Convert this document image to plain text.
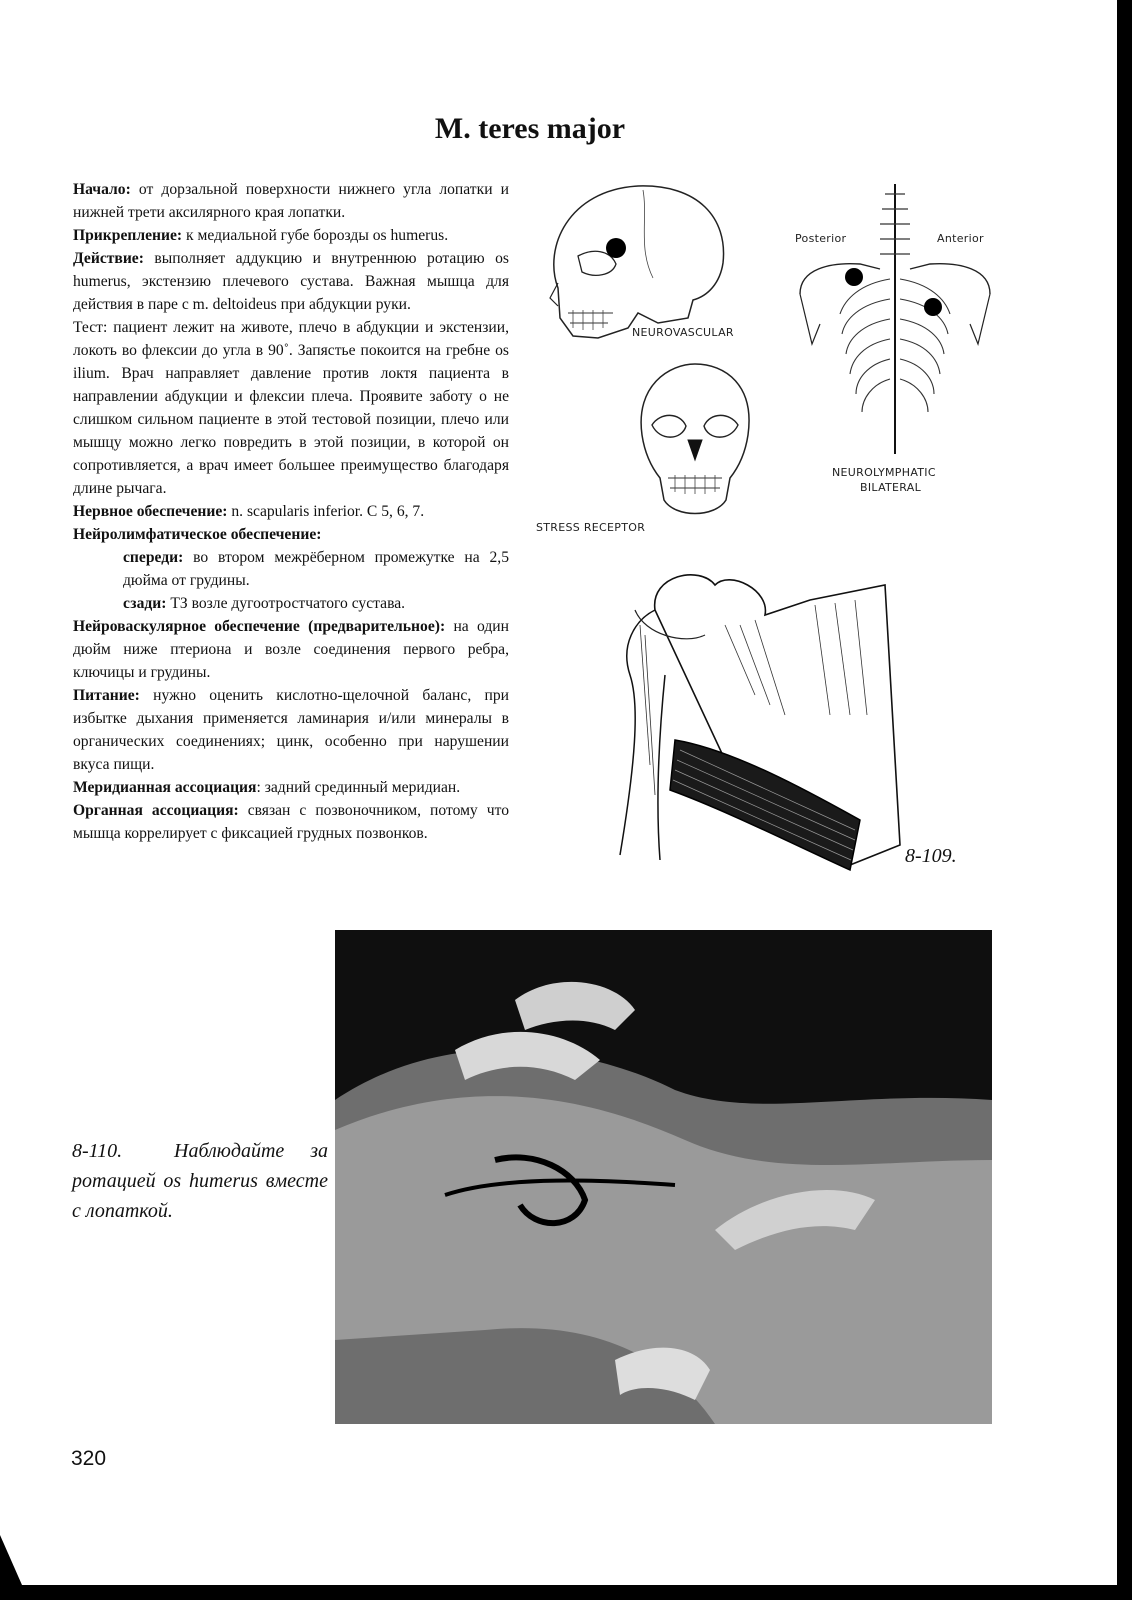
M. teres major

Начало: от дорзальной поверхности нижнего угла лопатки и нижней трети аксилярного края лопатки.

Прикрепление: к медиальной губе борозды os humerus.

Действие: выполняет аддукцию и внутреннюю ротацию os humerus, экстензию плечевого сустава. Важная мышца для действия в паре с m. deltoideus при абдукции руки.

Тест: пациент лежит на животе, плечо в абдукции и экстензии, локоть во флексии до угла в 90˚. Запястье покоится на гребне os ilium. Врач направляет давление против локтя пациента в направлении абдукции и флексии плеча. Проявите заботу о не слишком сильном пациенте в этой тестовой позиции, плечо или мышцу можно легко повредить в этой позиции, в которой он сопротивляется, а врач имеет большее преимущество благодаря длине рычага.

Нервное обеспечение: n. scapularis inferior. C 5, 6, 7.

Нейролимфатическое обеспечение:

спереди: во втором межрёберном промежутке на 2,5 дюйма от грудины.

сзади: ТЗ возле дугоотростчатого сустава.

Нейроваскулярное обеспечение (предварительное): на один дюйм ниже птериона и возле соединения первого ребра, ключицы и грудины.

Питание: нужно оценить кислотно-щелочной баланс, при избытке дыхания применяется ламинария и/или минералы в органических соединениях; цинк, особенно при нарушении вкуса пищи.

Меридианная ассоциация: задний срединный меридиан.

Органная ассоциация: связан с позвоночником, потому что мышца коррелирует с фиксацией грудных позвонков.

NEUROVASCULAR
STRESS RECEPTOR
Posterior	Anterior
NEUROLYMPHATIC
BILATERAL
8-109.
8-110.	Наблюдайте за ротацией os humerus вместе с лопаткой.
320
